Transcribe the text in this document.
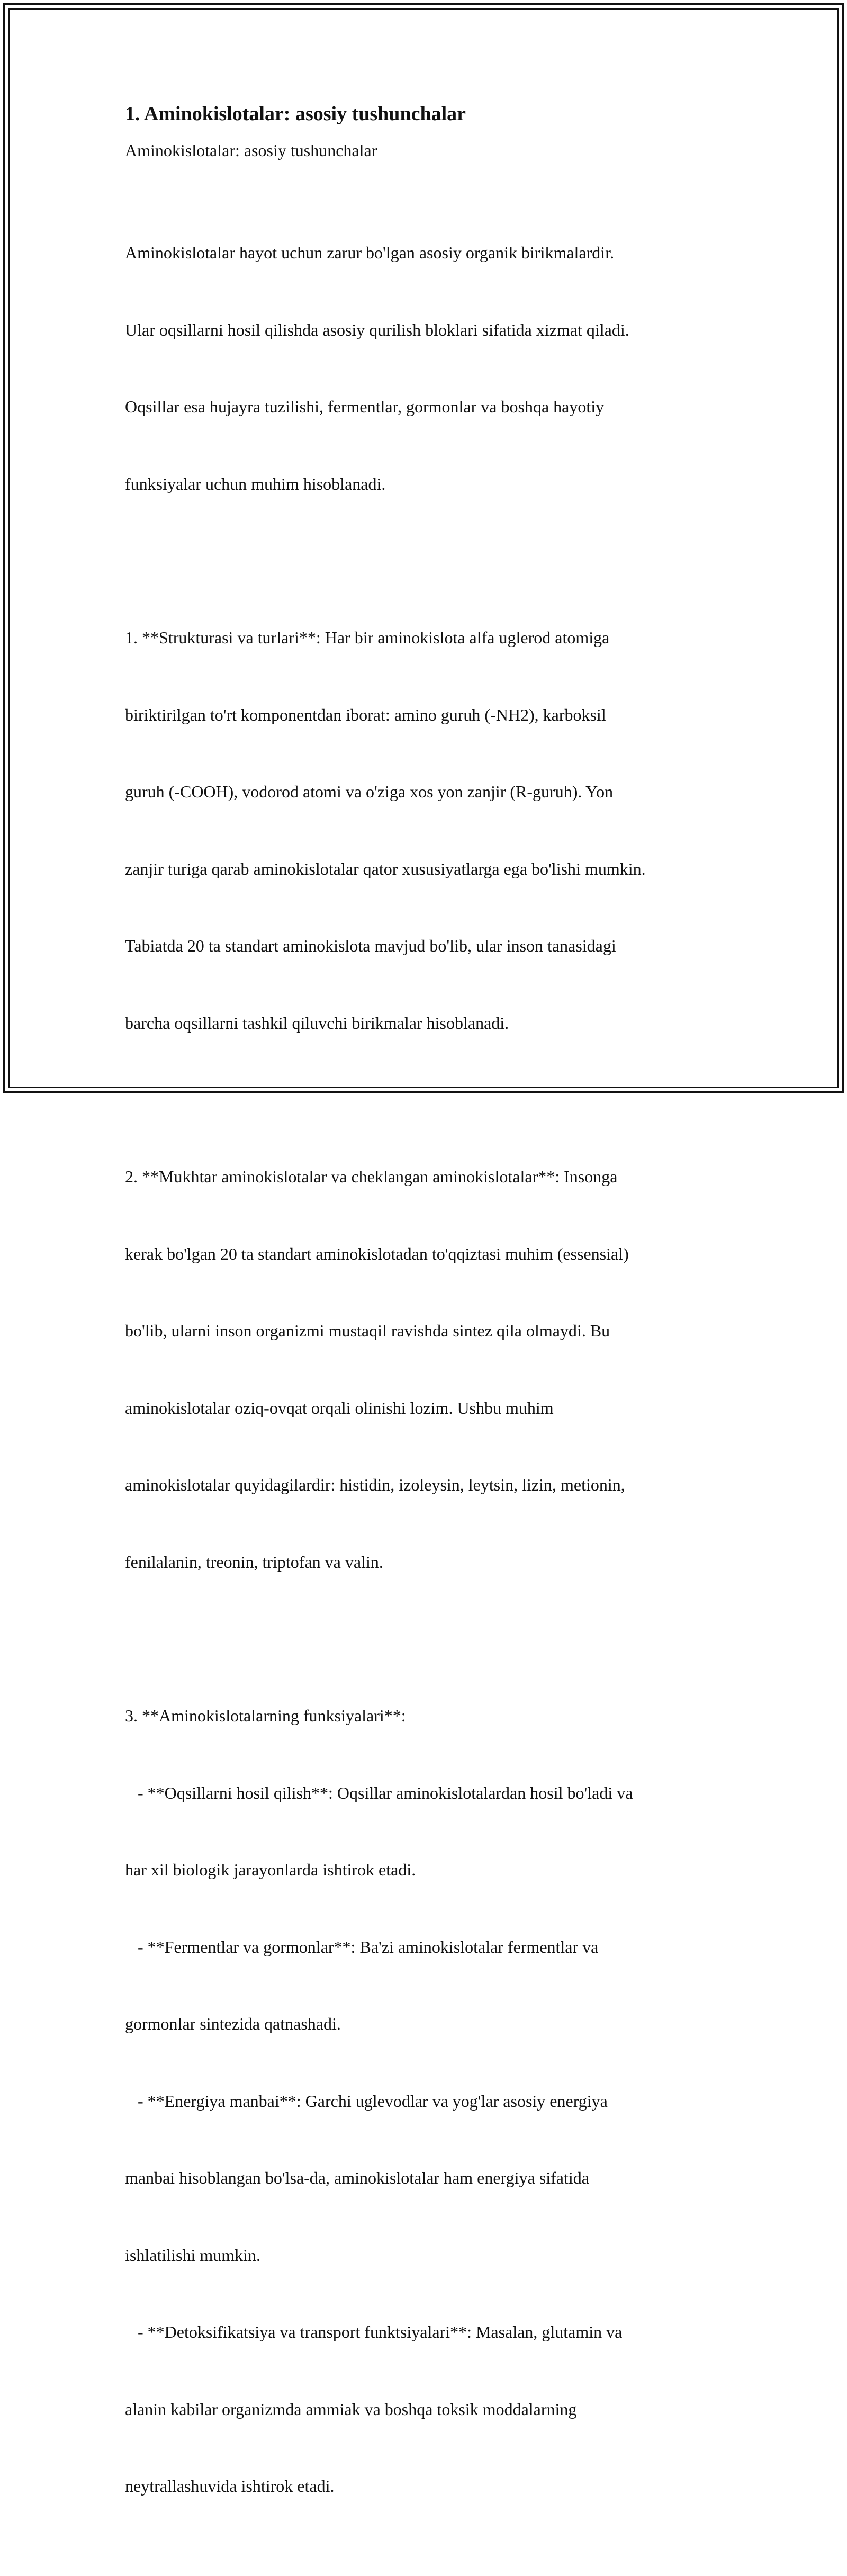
1. Aminokislotalar: asosiy tushunchalar
Aminokislotalar: asosiy tushunchalar

Aminokislotalar hayot uchun zarur bo'lgan asosiy organik birikmalardir.

Ular oqsillarni hosil qilishda asosiy qurilish bloklari sifatida xizmat qiladi.

Oqsillar esa hujayra tuzilishi, fermentlar, gormonlar va boshqa hayotiy

funksiyalar uchun muhim hisoblanadi.

1. **Strukturasi va turlari**: Har bir aminokislota alfa uglerod atomiga

biriktirilgan to'rt komponentdan iborat: amino guruh (-NH2), karboksil

guruh (-COOH), vodorod atomi va o'ziga xos yon zanjir (R-guruh). Yon

zanjir turiga qarab aminokislotalar qator xususiyatlarga ega bo'lishi mumkin.

Tabiatda 20 ta standart aminokislota mavjud bo'lib, ular inson tanasidagi

barcha oqsillarni tashkil qiluvchi birikmalar hisoblanadi.

2. **Mukhtar aminokislotalar va cheklangan aminokislotalar**: Insonga

kerak bo'lgan 20 ta standart aminokislotadan to'qqiztasi muhim (essensial)

bo'lib, ularni inson organizmi mustaqil ravishda sintez qila olmaydi. Bu

aminokislotalar oziq-ovqat orqali olinishi lozim. Ushbu muhim

aminokislotalar quyidagilardir: histidin, izoleysin, leytsin, lizin, metionin,

fenilalanin, treonin, triptofan va valin.

3. **Aminokislotalarning funksiyalari**:

- **Oqsillarni hosil qilish**: Oqsillar aminokislotalardan hosil bo'ladi va

har xil biologik jarayonlarda ishtirok etadi.

- **Fermentlar va gormonlar**: Ba'zi aminokislotalar fermentlar va

gormonlar sintezida qatnashadi.

- **Energiya manbai**: Garchi uglevodlar va yog'lar asosiy energiya

manbai hisoblangan bo'lsa-da, aminokislotalar ham energiya sifatida

ishlatilishi mumkin.

- **Detoksifikatsiya va transport funktsiyalari**: Masalan, glutamin va

alanin kabilar organizmda ammiak va boshqa toksik moddalarning

neytrallashuvida ishtirok etadi.
